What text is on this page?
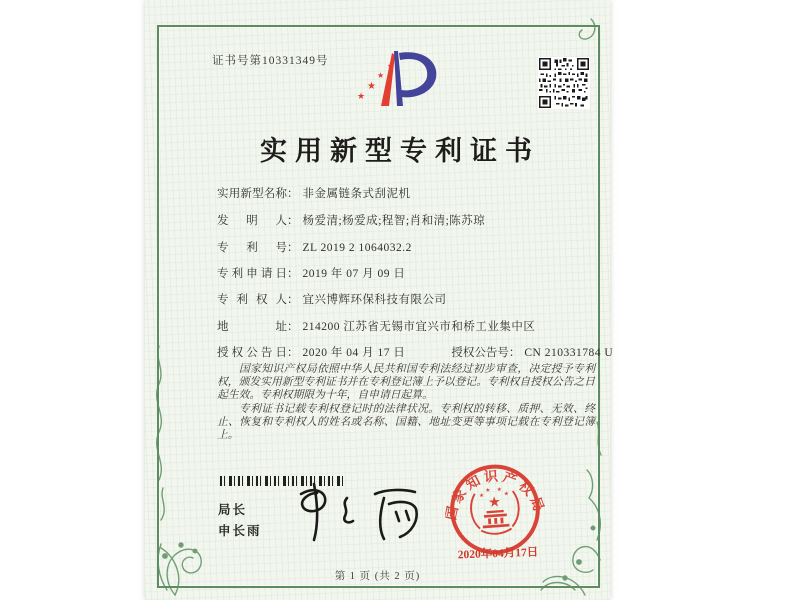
证书号第10331349号	★
★
★
★
★
实用新型专利证书
实用新型名称： 非金属链条式刮泥机
发明人： 杨爱清;杨爱成;程智;肖和清;陈苏琼
专利号： ZL 2019 2 1064032.2
专利申请日： 2019 年 07 月 09 日
专利权人： 宜兴博辉环保科技有限公司
地址： 214200 江苏省无锡市宜兴市和桥工业集中区
授权公告日： 2020 年 04 月 17 日	授权公告号： CN 210331784 U

国家知识产权局依照中华人民共和国专利法经过初步审查，决定授予专利权，颁发实用新型专利证书并在专利登记簿上予以登记。专利权自授权公告之日起生效。专利权期限为十年，自申请日起算。

专利证书记载专利权登记时的法律状况。专利权的转移、质押、无效、终止、恢复和专利权人的姓名或名称、国籍、地址变更等事项记载在专利登记簿上。

局长
申长雨
国家知识产权局
★
★
★ ★
★
2020年04月17日
第 1 页 (共 2 页)
